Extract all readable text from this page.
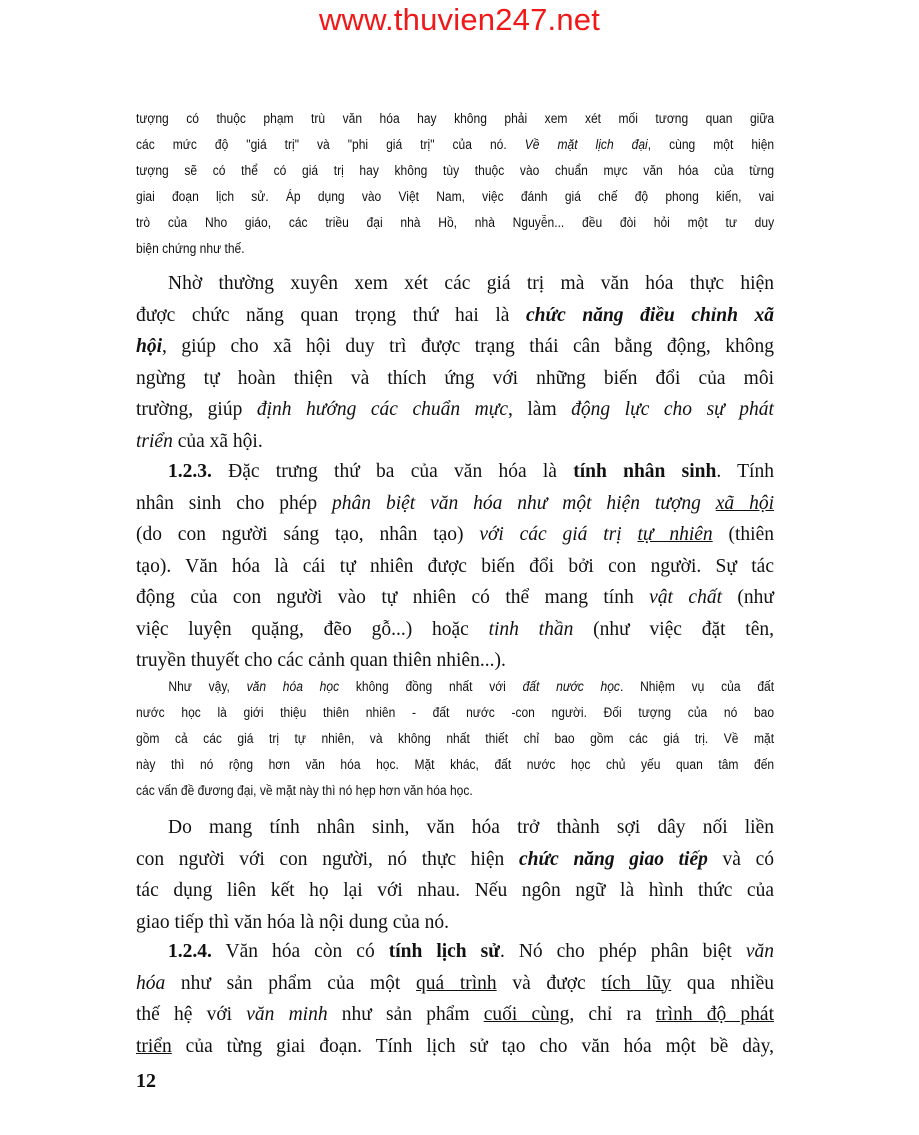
www.thuvien247.net
tượng có thuộc phạm trù văn hóa hay không phải xem xét mối tương quan giữa
các mức độ "giá trị" và "phi giá trị" của nó. Về mặt lịch đại, cùng một hiện
tượng sẽ có thể có giá trị hay không tùy thuộc vào chuẩn mực văn hóa của từng
giai đoạn lịch sử. Áp dụng vào Việt Nam, việc đánh giá chế độ phong kiến, vai
trò của Nho giáo, các triều đại nhà Hồ, nhà Nguyễn... đều đòi hỏi một tư duy
biện chứng như thế.
Nhờ thường xuyên xem xét các giá trị mà văn hóa thực hiện
được chức năng quan trọng thứ hai là chức năng điều chỉnh xã
hội, giúp cho xã hội duy trì được trạng thái cân bằng động, không
ngừng tự hoàn thiện và thích ứng với những biến đổi của môi
trường, giúp định hướng các chuẩn mực, làm động lực cho sự phát
triển của xã hội.
1.2.3. Đặc trưng thứ ba của văn hóa là tính nhân sinh. Tính
nhân sinh cho phép phân biệt văn hóa như một hiện tượng xã hội
(do con người sáng tạo, nhân tạo) với các giá trị tự nhiên (thiên
tạo). Văn hóa là cái tự nhiên được biến đổi bởi con người. Sự tác
động của con người vào tự nhiên có thể mang tính vật chất (như
việc luyện quặng, đẽo gỗ...) hoặc tinh thần (như việc đặt tên,
truyền thuyết cho các cảnh quan thiên nhiên...).
Như vậy, văn hóa học không đồng nhất với đất nước học. Nhiệm vụ của đất
nước học là giới thiệu thiên nhiên - đất nước -con người. Đối tượng của nó bao
gồm cả các giá trị tự nhiên, và không nhất thiết chỉ bao gồm các giá trị. Về mặt
này thì nó rộng hơn văn hóa học. Mặt khác, đất nước học chủ yếu quan tâm đến
các vấn đề đương đại, về mặt này thì nó hẹp hơn văn hóa học.
Do mang tính nhân sinh, văn hóa trở thành sợi dây nối liền
con người với con người, nó thực hiện chức năng giao tiếp và có
tác dụng liên kết họ lại với nhau. Nếu ngôn ngữ là hình thức của
giao tiếp thì văn hóa là nội dung của nó.
1.2.4. Văn hóa còn có tính lịch sử. Nó cho phép phân biệt văn
hóa như sản phẩm của một quá trình và được tích lũy qua nhiều
thế hệ với văn minh như sản phẩm cuối cùng, chỉ ra trình độ phát
triển của từng giai đoạn. Tính lịch sử tạo cho văn hóa một bề dày,
12
